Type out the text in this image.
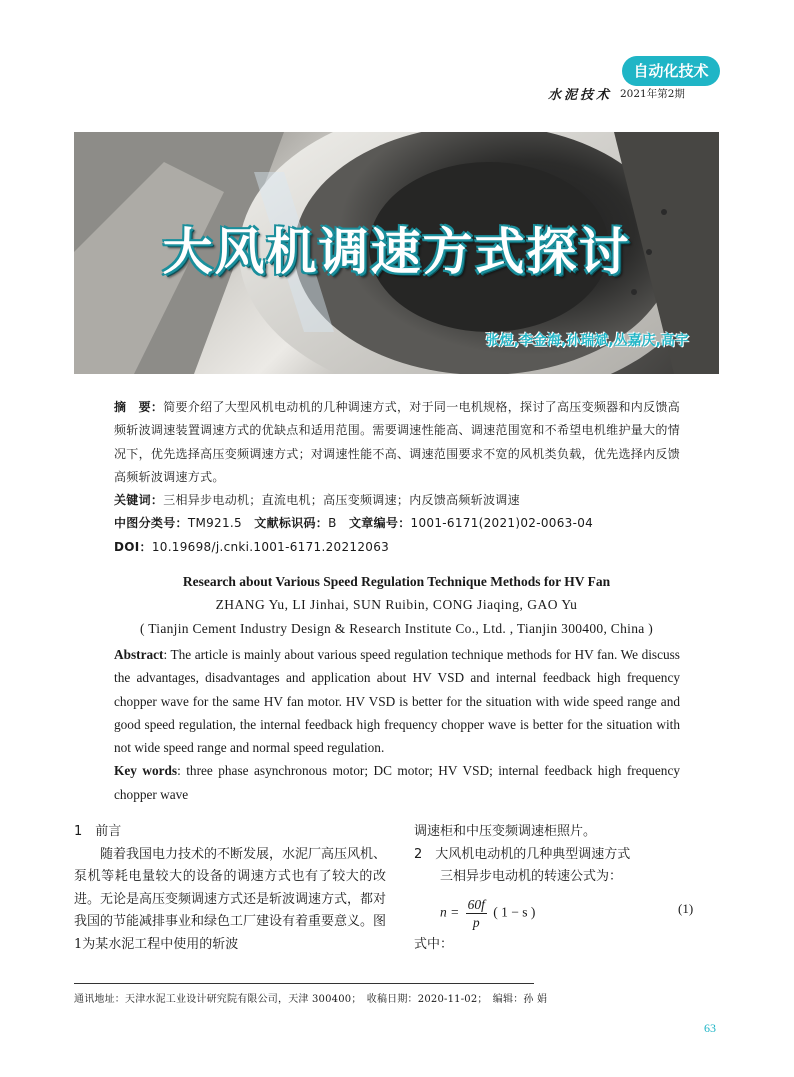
自动化技术
水泥技术 2021年第2期
大风机调速方式探讨
张煜,李金海,孙瑞斌,丛嘉庆,高宇

摘　要：简要介绍了大型风机电动机的几种调速方式，对于同一电机规格，探讨了高压变频器和内反馈高频斩波调速装置调速方式的优缺点和适用范围。需要调速性能高、调速范围宽和不希望电机维护量大的情况下，优先选择高压变频调速方式；对调速性能不高、调速范围要求不宽的风机类负载，优先选择内反馈高频斩波调速方式。

关键词：三相异步电动机；直流电机；高压变频调速；内反馈高频斩波调速

中图分类号：TM921.5 文献标识码：B 文章编号：1001-6171(2021)02-0063-04

DOI：10.19698/j.cnki.1001-6171.20212063

Research about Various Speed Regulation Technique Methods for HV Fan
ZHANG Yu, LI Jinhai, SUN Ruibin, CONG Jiaqing, GAO Yu
( Tianjin Cement Industry Design & Research Institute Co., Ltd. , Tianjin 300400, China )

Abstract: The article is mainly about various speed regulation technique methods for HV fan. We discuss the advantages, disadvantages and application about HV VSD and internal feedback high frequency chopper wave for the same HV fan motor. HV VSD is better for the situation with wide speed range and good speed regulation, the internal feedback high frequency chopper wave is better for the situation with not wide speed range and normal speed regulation.

Key words: three phase asynchronous motor; DC motor; HV VSD; internal feedback high frequency chopper wave

1　前言

随着我国电力技术的不断发展，水泥厂高压风机、泵机等耗电量较大的设备的调速方式也有了较大的改进。无论是高压变频调速方式还是斩波调速方式，都对我国的节能减排事业和绿色工厂建设有着重要意义。图1为某水泥工程中使用的斩波

调速柜和中压变频调速柜照片。

2　大风机电动机的几种典型调速方式

三相异步电动机的转速公式为：

$n = \frac{60f}{p}$ ( 1 − s )	(1)
式中：
通讯地址：天津水泥工业设计研究院有限公司，天津 300400；　收稿日期：2020-11-02；　编辑：孙 娟
63
